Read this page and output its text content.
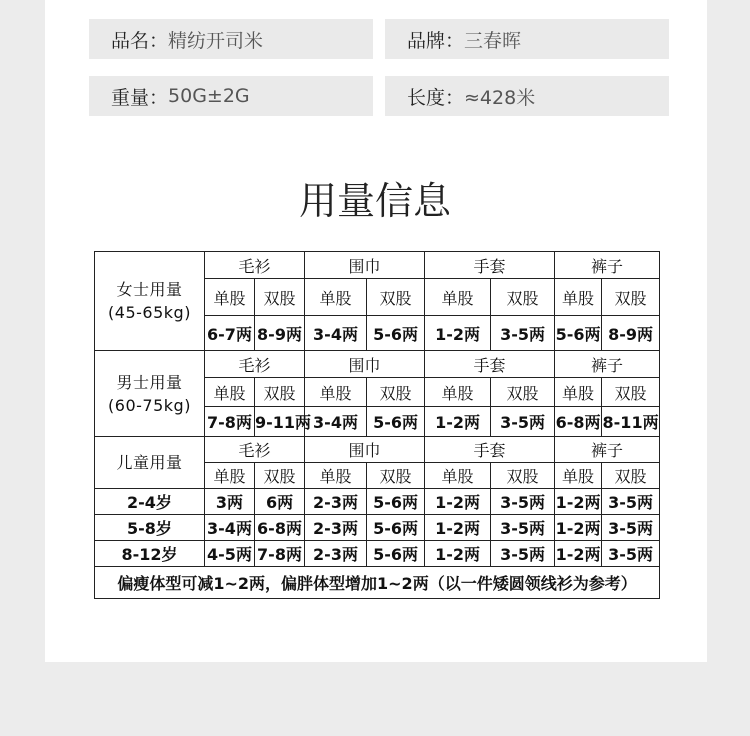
品名： 精纺开司米	品牌： 三春晖
重量： 50G±2G	长度： ≈428米
用量信息
女士用量
(45-65kg)	毛衫		围巾		手套		裤子	
	单股	双股	单股	双股	单股	双股	单股	双股
	6-7两	8-9两	3-4两	5-6两	1-2两	3-5两	5-6两	8-9两

男士用量
(60-75kg)	毛衫		围巾		手套		裤子	
	单股	双股	单股	双股	单股	双股	单股	双股
	7-8两	9-11两	3-4两	5-6两	1-2两	3-5两	6-8两	8-11两

儿童用量	毛衫		围巾		手套		裤子	
	单股	双股	单股	双股	单股	双股	单股	双股
2-4岁	3两	6两	2-3两	5-6两	1-2两	3-5两	1-2两	3-5两
5-8岁	3-4两	6-8两	2-3两	5-6两	1-2两	3-5两	1-2两	3-5两
8-12岁	4-5两	7-8两	2-3两	5-6两	1-2两	3-5两	1-2两	3-5两
偏瘦体型可减1~2两，偏胖体型增加1~2两（以一件矮圆领线衫为参考）								
